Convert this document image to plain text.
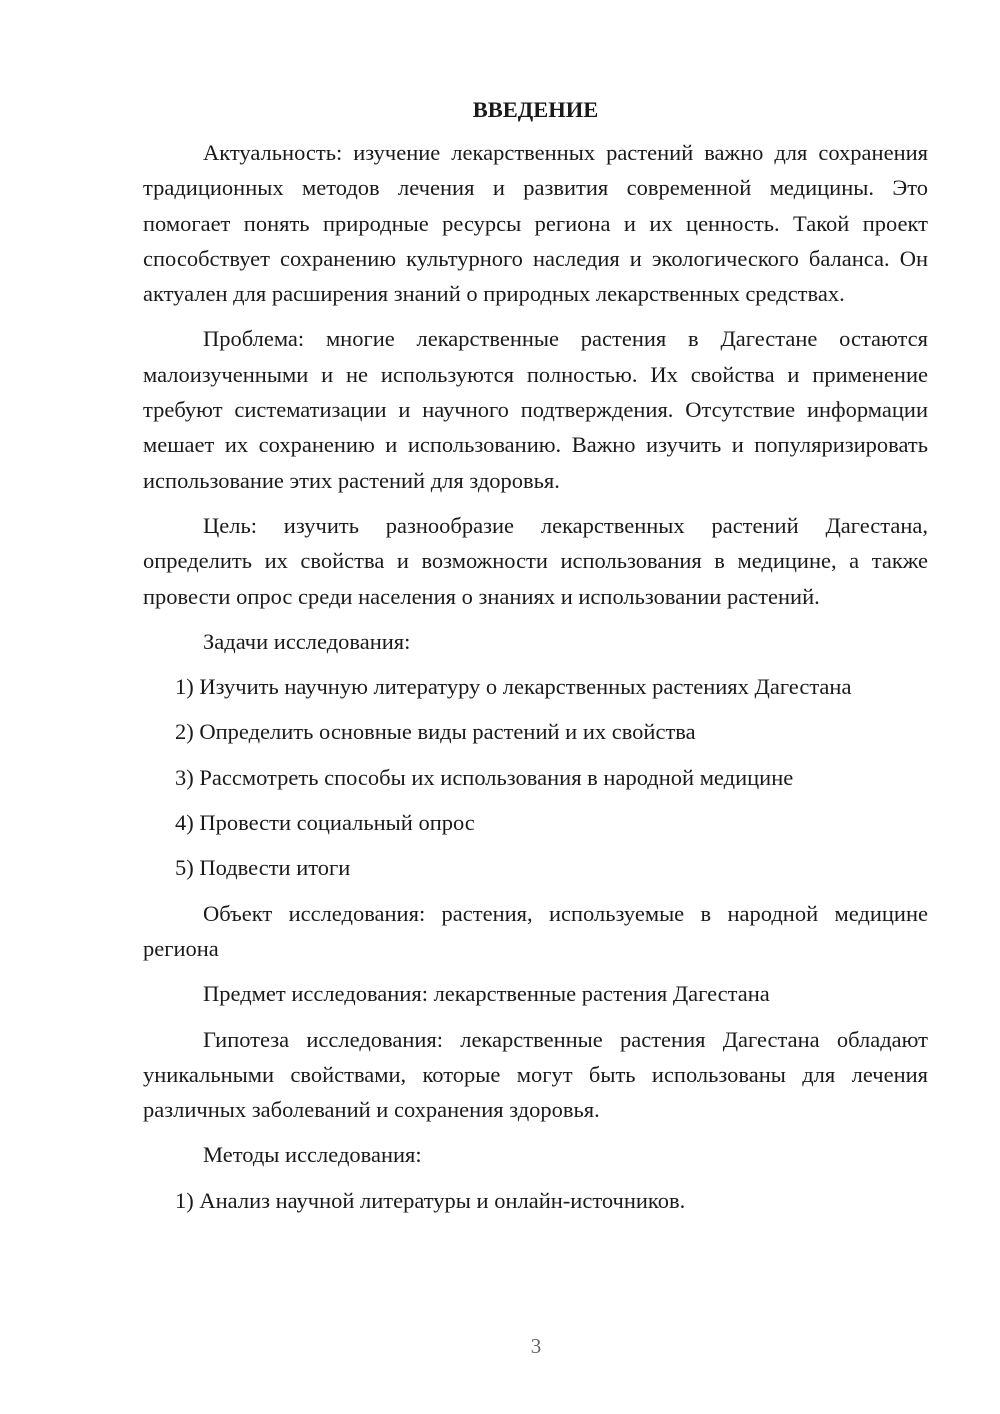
ВВЕДЕНИЕ

Актуальность: изучение лекарственных растений важно для сохранения традиционных методов лечения и развития современной медицины. Это помогает понять природные ресурсы региона и их ценность. Такой проект способствует сохранению культурного наследия и экологического баланса. Он актуален для расширения знаний о природных лекарственных средствах.

Проблема: многие лекарственные растения в Дагестане остаются малоизученными и не используются полностью. Их свойства и применение требуют систематизации и научного подтверждения. Отсутствие информации мешает их сохранению и использованию. Важно изучить и популяризировать использование этих растений для здоровья.

Цель: изучить разнообразие лекарственных растений Дагестана, определить их свойства и возможности использования в медицине, а также провести опрос среди населения о знаниях и использовании растений.

Задачи исследования:

1) Изучить научную литературу о лекарственных растениях Дагестана

2) Определить основные виды растений и их свойства

3) Рассмотреть способы их использования в народной медицине

4) Провести социальный опрос

5) Подвести итоги

Объект исследования: растения, используемые в народной медицине региона

Предмет исследования: лекарственные растения Дагестана

Гипотеза исследования: лекарственные растения Дагестана обладают уникальными свойствами, которые могут быть использованы для лечения различных заболеваний и сохранения здоровья.

Методы исследования:

1) Анализ научной литературы и онлайн-источников.

3
